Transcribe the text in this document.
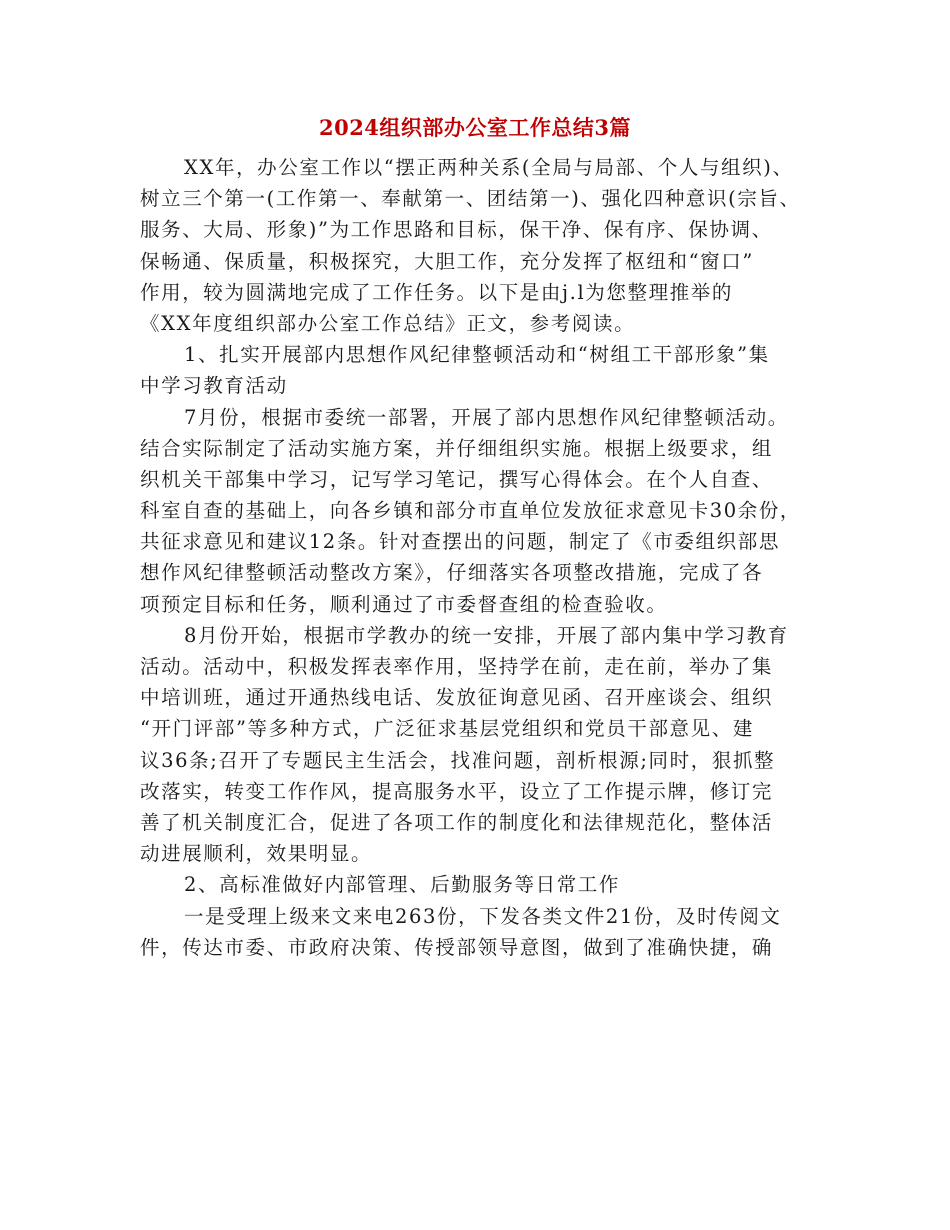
2024组织部办公室工作总结3篇
XX年，办公室工作以“摆正两种关系(全局与局部、个人与组织)、
树立三个第一(工作第一、奉献第一、团结第一)、强化四种意识(宗旨、
服务、大局、形象)”为工作思路和目标，保干净、保有序、保协调、
保畅通、保质量，积极探究，大胆工作，充分发挥了枢纽和“窗口”
作用，较为圆满地完成了工作任务。以下是由j.l为您整理推举的
《XX年度组织部办公室工作总结》正文，参考阅读。
1、扎实开展部内思想作风纪律整顿活动和“树组工干部形象”集
中学习教育活动
7月份，根据市委统一部署，开展了部内思想作风纪律整顿活动。
结合实际制定了活动实施方案，并仔细组织实施。根据上级要求，组
织机关干部集中学习，记写学习笔记，撰写心得体会。在个人自查、
科室自查的基础上，向各乡镇和部分市直单位发放征求意见卡30余份，
共征求意见和建议12条。针对查摆出的问题，制定了《市委组织部思
想作风纪律整顿活动整改方案》，仔细落实各项整改措施，完成了各
项预定目标和任务，顺利通过了市委督查组的检查验收。
8月份开始，根据市学教办的统一安排，开展了部内集中学习教育
活动。活动中，积极发挥表率作用，坚持学在前，走在前，举办了集
中培训班，通过开通热线电话、发放征询意见函、召开座谈会、组织
“开门评部”等多种方式，广泛征求基层党组织和党员干部意见、建
议36条;召开了专题民主生活会，找准问题，剖析根源;同时，狠抓整
改落实，转变工作作风，提高服务水平，设立了工作提示牌，修订完
善了机关制度汇合，促进了各项工作的制度化和法律规范化，整体活
动进展顺利，效果明显。
2、高标准做好内部管理、后勤服务等日常工作
一是受理上级来文来电263份，下发各类文件21份，及时传阅文
件，传达市委、市政府决策、传授部领导意图，做到了准确快捷，确
